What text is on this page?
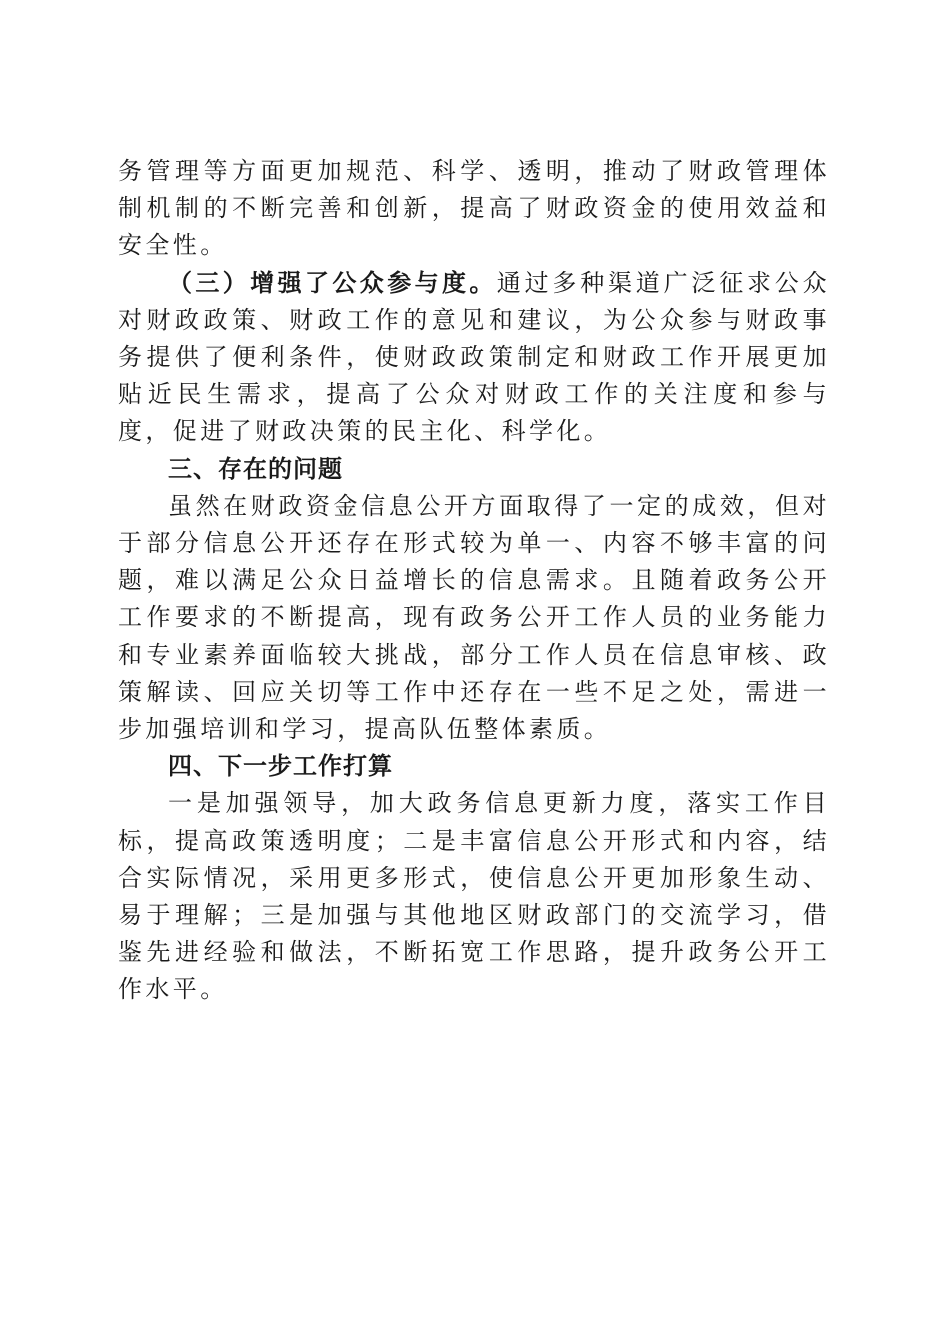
务管理等方面更加规范、科学、透明，推动了财政管理体制机制的不断完善和创新，提高了财政资金的使用效益和安全性。

（三）增强了公众参与度。通过多种渠道广泛征求公众对财政政策、财政工作的意见和建议，为公众参与财政事务提供了便利条件，使财政政策制定和财政工作开展更加贴近民生需求，提高了公众对财政工作的关注度和参与度，促进了财政决策的民主化、科学化。

三、存在的问题

虽然在财政资金信息公开方面取得了一定的成效，但对于部分信息公开还存在形式较为单一、内容不够丰富的问题，难以满足公众日益增长的信息需求。且随着政务公开工作要求的不断提高，现有政务公开工作人员的业务能力和专业素养面临较大挑战，部分工作人员在信息审核、政策解读、回应关切等工作中还存在一些不足之处，需进一步加强培训和学习，提高队伍整体素质。

四、下一步工作打算

一是加强领导，加大政务信息更新力度，落实工作目标，提高政策透明度；二是丰富信息公开形式和内容，结合实际情况，采用更多形式，使信息公开更加形象生动、易于理解；三是加强与其他地区财政部门的交流学习，借鉴先进经验和做法，不断拓宽工作思路，提升政务公开工作水平。
